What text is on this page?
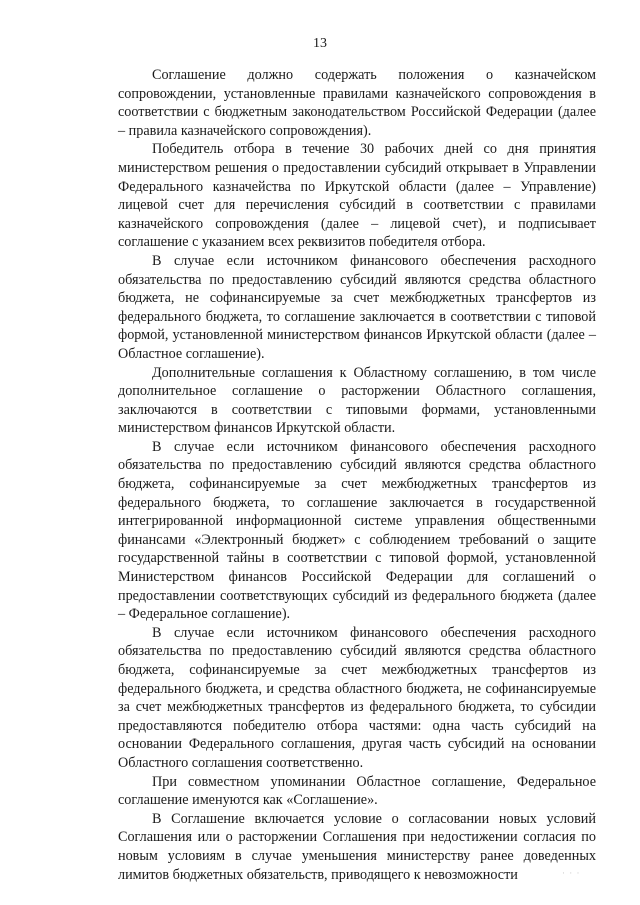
13

Соглашение должно содержать положения о казначейском сопровождении, установленные правилами казначейского сопровождения в соответствии с бюджетным законодательством Российской Федерации (далее – правила казначейского сопровождения).

Победитель отбора в течение 30 рабочих дней со дня принятия министерством решения о предоставлении субсидий открывает в Управлении Федерального казначейства по Иркутской области (далее – Управление) лицевой счет для перечисления субсидий в соответствии с правилами казначейского сопровождения (далее – лицевой счет), и подписывает соглашение с указанием всех реквизитов победителя отбора.

В случае если источником финансового обеспечения расходного обязательства по предоставлению субсидий являются средства областного бюджета, не софинансируемые за счет межбюджетных трансфертов из федерального бюджета, то соглашение заключается в соответствии с типовой формой, установленной министерством финансов Иркутской области (далее – Областное соглашение).

Дополнительные соглашения к Областному соглашению, в том числе дополнительное соглашение о расторжении Областного соглашения, заключаются в соответствии с типовыми формами, установленными министерством финансов Иркутской области.

В случае если источником финансового обеспечения расходного обязательства по предоставлению субсидий являются средства областного бюджета, софинансируемые за счет межбюджетных трансфертов из федерального бюджета, то соглашение заключается в государственной интегрированной информационной системе управления общественными финансами «Электронный бюджет» с соблюдением требований о защите государственной тайны в соответствии с типовой формой, установленной Министерством финансов Российской Федерации для соглашений о предоставлении соответствующих субсидий из федерального бюджета (далее – Федеральное соглашение).

В случае если источником финансового обеспечения расходного обязательства по предоставлению субсидий являются средства областного бюджета, софинансируемые за счет межбюджетных трансфертов из федерального бюджета, и средства областного бюджета, не софинансируемые за счет межбюджетных трансфертов из федерального бюджета, то субсидии предоставляются победителю отбора частями: одна часть субсидий на основании Федерального соглашения, другая часть субсидий на основании Областного соглашения соответственно.

При совместном упоминании Областное соглашение, Федеральное соглашение именуются как «Соглашение».

В Соглашение включается условие о согласовании новых условий Соглашения или о расторжении Соглашения при недостижении согласия по новым условиям в случае уменьшения министерству ранее доведенных лимитов бюджетных обязательств, приводящего к невозможности	· · ·
